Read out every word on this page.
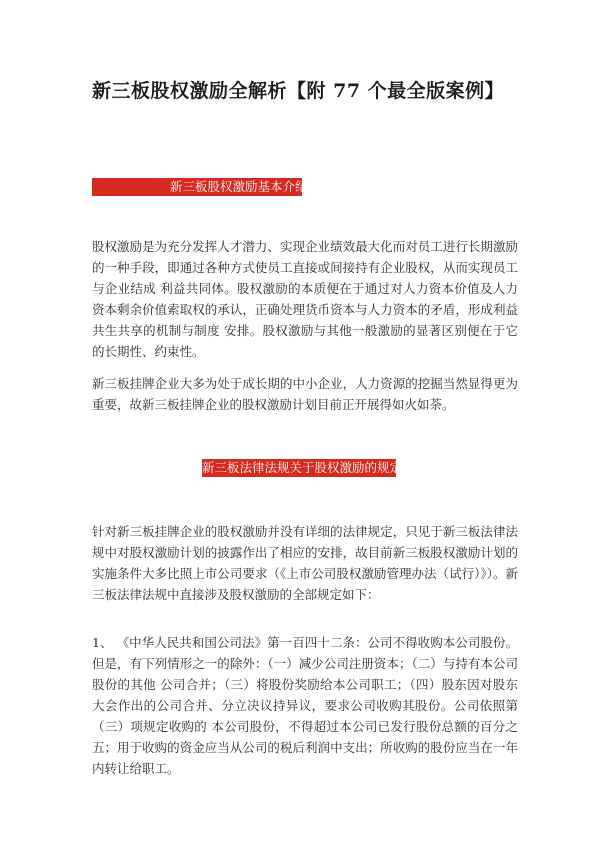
新三板股权激励全解析【附 77 个最全版案例】
新三板股权激励基本介绍

股权激励是为充分发挥人才潜力、实现企业绩效最大化而对员工进行长期激励的一种手段，即通过各种方式使员工直接或间接持有企业股权，从而实现员工与企业结成 利益共同体。股权激励的本质便在于通过对人力资本价值及人力资本剩余价值索取权的承认，正确处理货币资本与人力资本的矛盾，形成利益共生共享的机制与制度 安排。股权激励与其他一般激励的显著区别便在于它的长期性、约束性。

新三板挂牌企业大多为处于成长期的中小企业，人力资源的挖掘当然显得更为重要，故新三板挂牌企业的股权激励计划目前正开展得如火如荼。

新三板法律法规关于股权激励的规定

针对新三板挂牌企业的股权激励并没有详细的法律规定，只见于新三板法律法规中对股权激励计划的披露作出了相应的安排，故目前新三板股权激励计划的实施条件大多比照上市公司要求（《上市公司股权激励管理办法（试行）》）。新三板法律法规中直接涉及股权激励的全部规定如下：

1、 《中华人民共和国公司法》第一百四十二条：公司不得收购本公司股份。但是，有下列情形之一的除外：（一）减少公司注册资本；（二）与持有本公司股份的其他 公司合并；（三）将股份奖励给本公司职工；（四）股东因对股东大会作出的公司合并、分立决议持异议，要求公司收购其股份。公司依照第（三）项规定收购的 本公司股份，不得超过本公司已发行股份总额的百分之五；用于收购的资金应当从公司的税后利润中支出；所收购的股份应当在一年内转让给职工。
